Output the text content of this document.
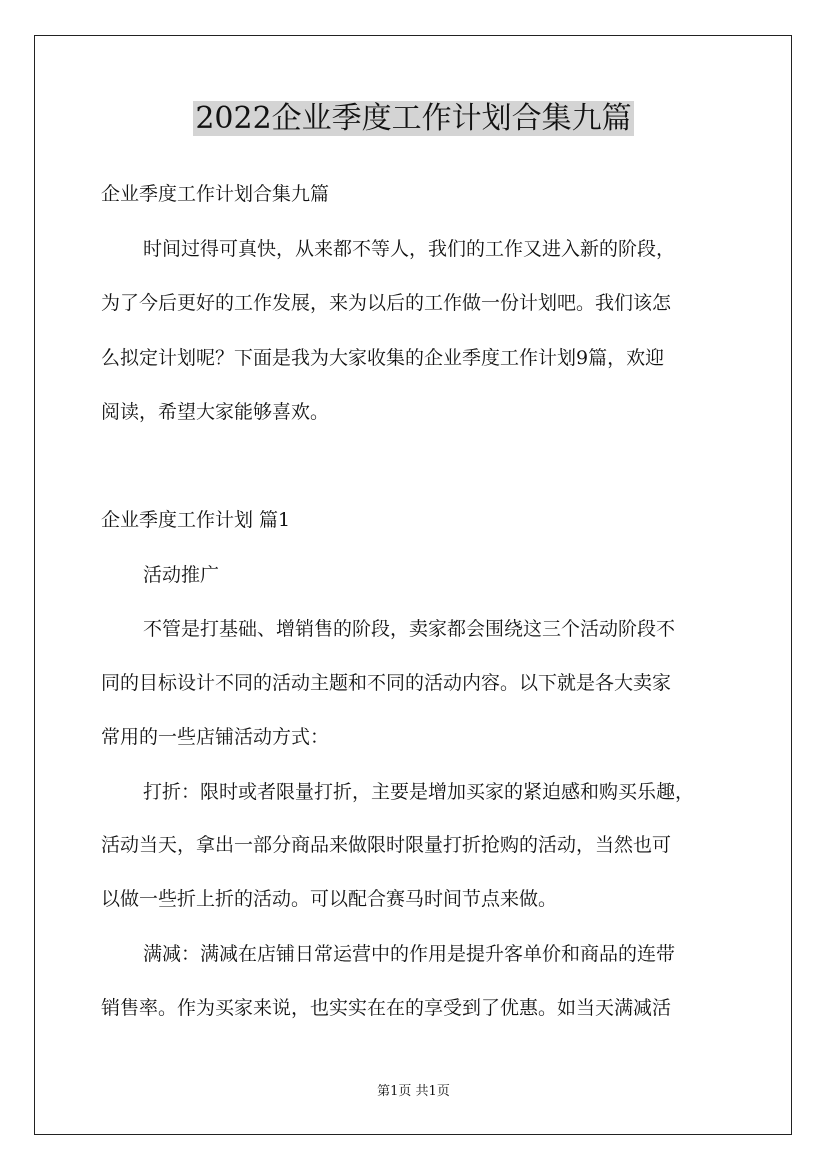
2022企业季度工作计划合集九篇
企业季度工作计划合集九篇
时间过得可真快，从来都不等人，我们的工作又进入新的阶段，
为了今后更好的工作发展，来为以后的工作做一份计划吧。我们该怎
么拟定计划呢？下面是我为大家收集的企业季度工作计划9篇，欢迎
阅读，希望大家能够喜欢。
企业季度工作计划 篇1
活动推广
不管是打基础、增销售的阶段，卖家都会围绕这三个活动阶段不
同的目标设计不同的活动主题和不同的活动内容。以下就是各大卖家
常用的一些店铺活动方式：
打折：限时或者限量打折，主要是增加买家的紧迫感和购买乐趣，
活动当天，拿出一部分商品来做限时限量打折抢购的活动，当然也可
以做一些折上折的活动。可以配合赛马时间节点来做。
满减：满减在店铺日常运营中的作用是提升客单价和商品的连带
销售率。作为买家来说，也实实在在的享受到了优惠。如当天满减活
第1页 共1页
